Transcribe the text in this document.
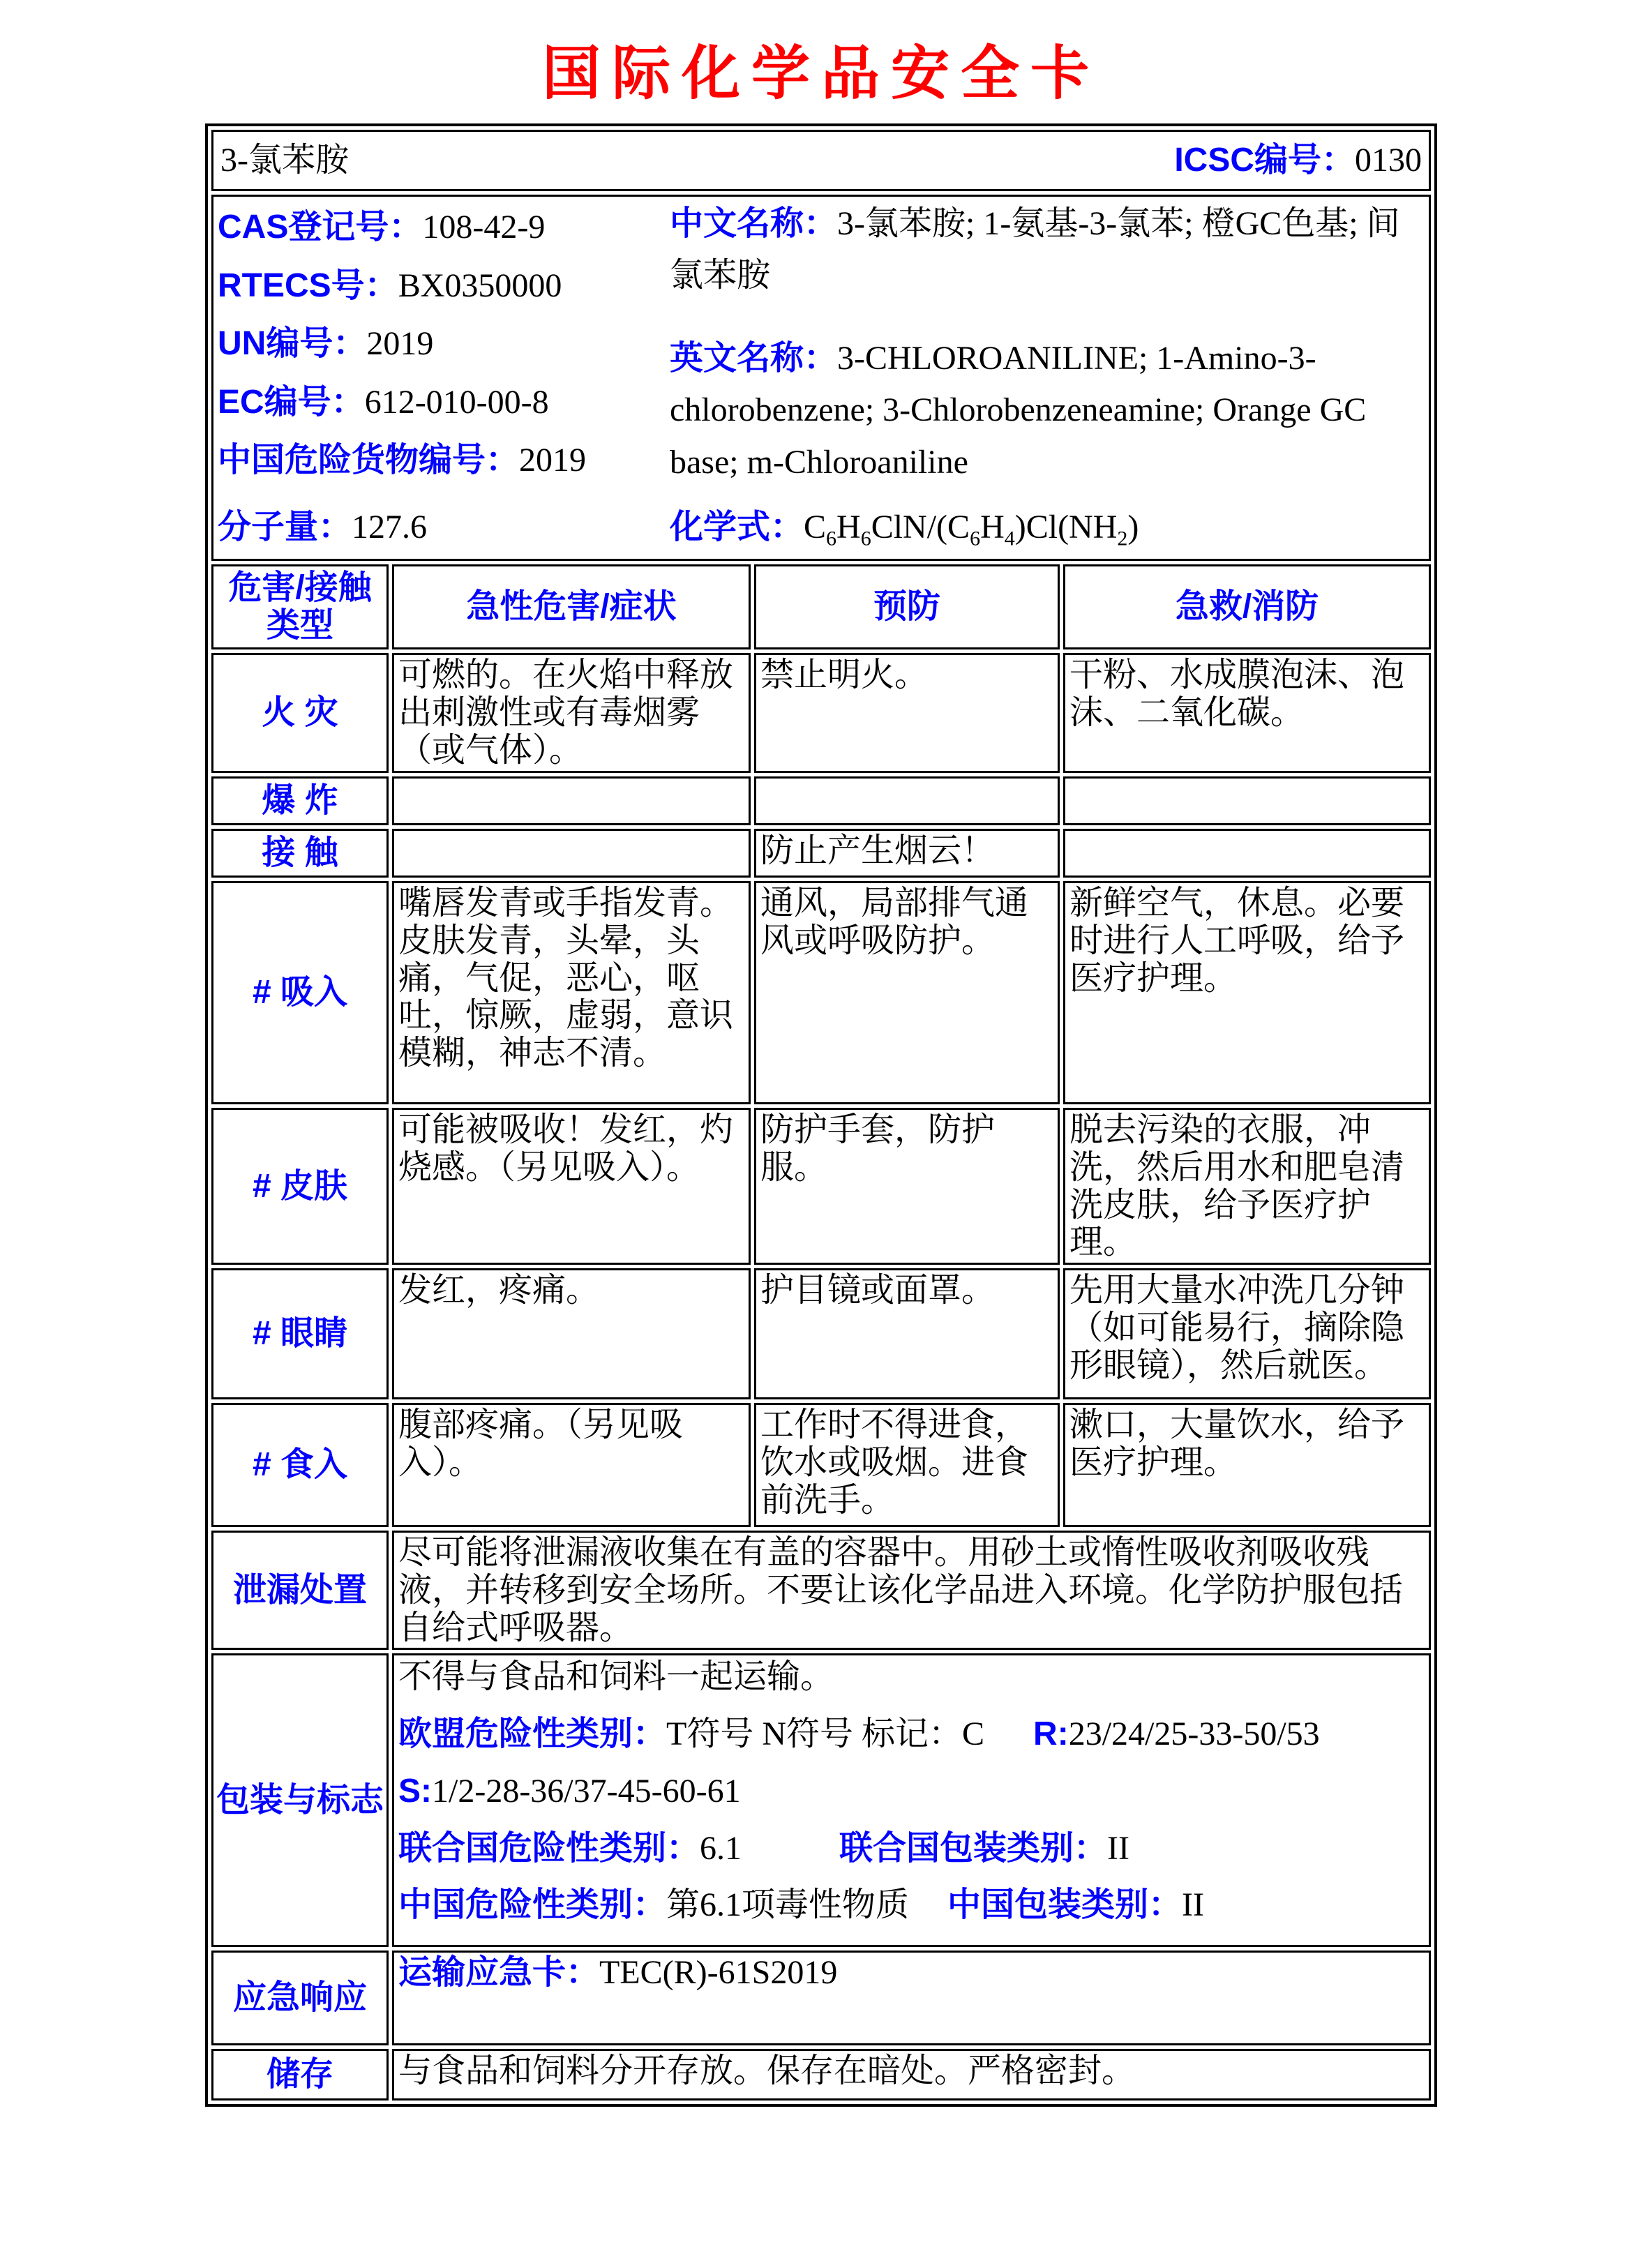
国际化学品安全卡
3-氯苯胺 ICSC编号：0130			

CAS登记号：108-42-9
RTECS号：BX0350000
UN编号：2019
EC编号：612-010-00-8
中国危险货物编号：2019
中文名称：3-氯苯胺; 1-氨基-3-氯苯; 橙GC色基; 间氯苯胺
英文名称：3-CHLOROANILINE; 1-Amino-3-chlorobenzene; 3-Chlorobenzeneamine; Orange GC base; m-Chloroaniline
分子量：127.6	化学式：$C_6H_6ClN/(C_6H_4)Cl(NH_2)$

危害/接触类型	急性危害/症状	预防	急救/消防
火 灾	可燃的。在火焰中释放出刺激性或有毒烟雾（或气体）。	禁止明火。	干粉、水成膜泡沫、泡沫、二氧化碳。
爆 炸			
接 触		防止产生烟云！	
# 吸入	嘴唇发青或手指发青。皮肤发青，头晕，头痛，气促，恶心，呕吐，惊厥，虚弱，意识模糊，神志不清。	通风，局部排气通风或呼吸防护。	新鲜空气，休息。必要时进行人工呼吸，给予医疗护理。
# 皮肤	可能被吸收！发红，灼烧感。（另见吸入）。	防护手套，防护服。	脱去污染的衣服，冲洗，然后用水和肥皂清洗皮肤，给予医疗护理。
# 眼睛	发红，疼痛。	护目镜或面罩。	先用大量水冲洗几分钟（如可能易行，摘除隐形眼镜），然后就医。
# 食入	腹部疼痛。（另见吸入）。	工作时不得进食，饮水或吸烟。进食前洗手。	漱口，大量饮水，给予医疗护理。
泄漏处置	尽可能将泄漏液收集在有盖的容器中。用砂土或惰性吸收剂吸收残液，并转移到安全场所。不要让该化学品进入环境。化学防护服包括自给式呼吸器。		
包装与标志	不得与食品和饲料一起运输。
欧盟危险性类别：T符号 N符号 标记：C R:23/24/25-33-50/53
S:1/2-28-36/37-45-60-61
联合国危险性类别：6.1 联合国包装类别：II
中国危险性类别：第6.1项毒性物质 中国包装类别：II		

应急响应	运输应急卡：TEC(R)-61S2019		
储存	与食品和饲料分开存放。保存在暗处。严格密封。		
